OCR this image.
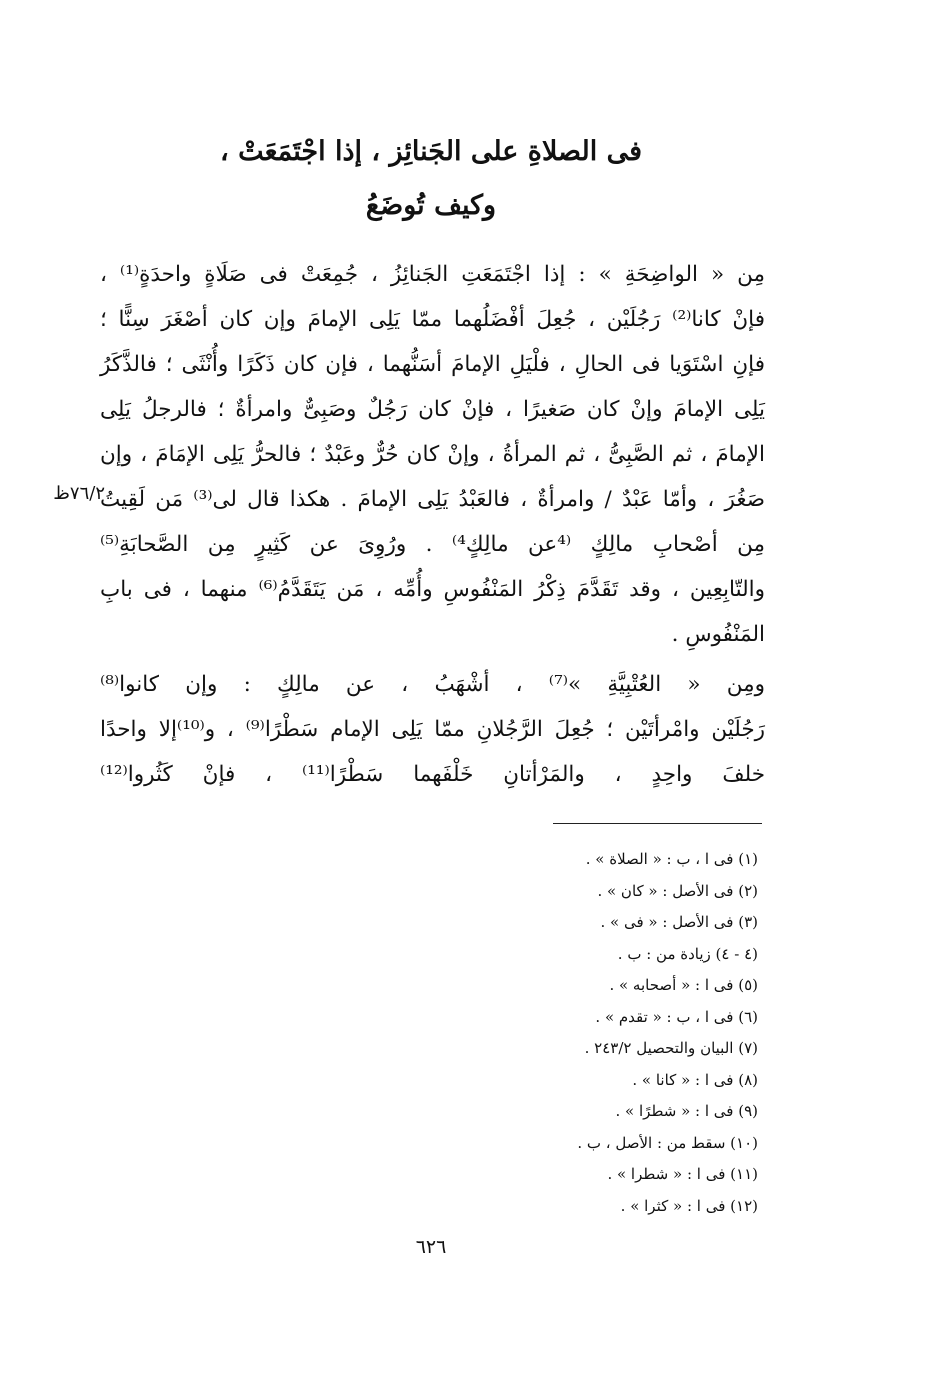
فى الصلاةِ على الجَنائِز ، إذا اجْتَمَعَتْ ،
وكيف تُوضَعُ
٧٦/٢ظ
مِن « الواضِحَةِ » : إذا اجْتَمَعَتِ الجَنائِزُ ، جُمِعَتْ فى صَلَاةٍ واحدَةٍ⁽¹⁾ ،
فإنْ كانا⁽²⁾ رَجُلَيْن ، جُعِلَ أفْضَلُهما ممّا يَلِى الإمامَ وإن كان أصْغَرَ سِنًّا ؛
فإنِ اسْتَوَيا فى الحالِ ، فلْيَلِ الإمامَ أسَنُّهما ، فإن كان ذَكَرًا وأُنْثَى ؛ فالذَّكَرُ
يَلِى الإمامَ وإنْ كان صَغيرًا ، فإنْ كان رَجُلٌ وصَبِىٌّ وامرأةٌ ؛ فالرجلُ يَلِى
الإمامَ ، ثم الصَّبِىُّ ، ثم المرأةُ ، وإنْ كان حُرٌّ وعَبْدٌ ؛ فالحرُّ يَلِى الإمَامَ ، وإن
صَغُرَ ، وأمّا عَبْدٌ / وامرأةٌ ، فالعَبْدُ يَلِى الإمامَ . هكذا قال لى⁽³⁾ مَن لَقِيتُ
مِن أصْحابِ مالِكٍ ⁽⁴عن مالِكٍ⁴⁾ . ورُوِىَ عن كَثِيرٍ مِن الصَّحابَةِ⁽⁵⁾
والتّابِعِين ، وقد تَقَدَّمَ ذِكْرُ المَنْفُوسِ وأُمِّه ، مَن يَتَقَدَّمُ⁽⁶⁾ منهما ، فى بابِ
المَنْفُوسِ .
ومِن « العُتْبِيَّةِ »⁽⁷⁾ ، أشْهَبُ ، عن مالِكٍ : وإن كانوا⁽⁸⁾
رَجُلَيْن وامْرأتَيْن ؛ جُعِلَ الرَّجُلانِ ممّا يَلِى الإمام سَطْرًا⁽⁹⁾ ، و⁽¹⁰⁾إلا واحدًا
خلفَ واحِدٍ ، والمَرْأتانِ خَلْفَهما سَطْرًا⁽¹¹⁾ ، فإنْ كَثُروا⁽¹²⁾
(١) فى ا ، ب : « الصلاة » .
(٢) فى الأصل : « كان » .
(٣) فى الأصل : « فى » .
(٤ - ٤) زيادة من : ب .
(٥) فى ا : « أصحابه » .
(٦) فى ا ، ب : « تقدم » .
(٧) البيان والتحصيل ٢٤٣/٢ .
(٨) فى ا : « كانا » .
(٩) فى ا : « شطرًا » .
(١٠) سقط من : الأصل ، ب .
(١١) فى ا : « شطرا » .
(١٢) فى ا : « كثرا » .
٦٢٦
